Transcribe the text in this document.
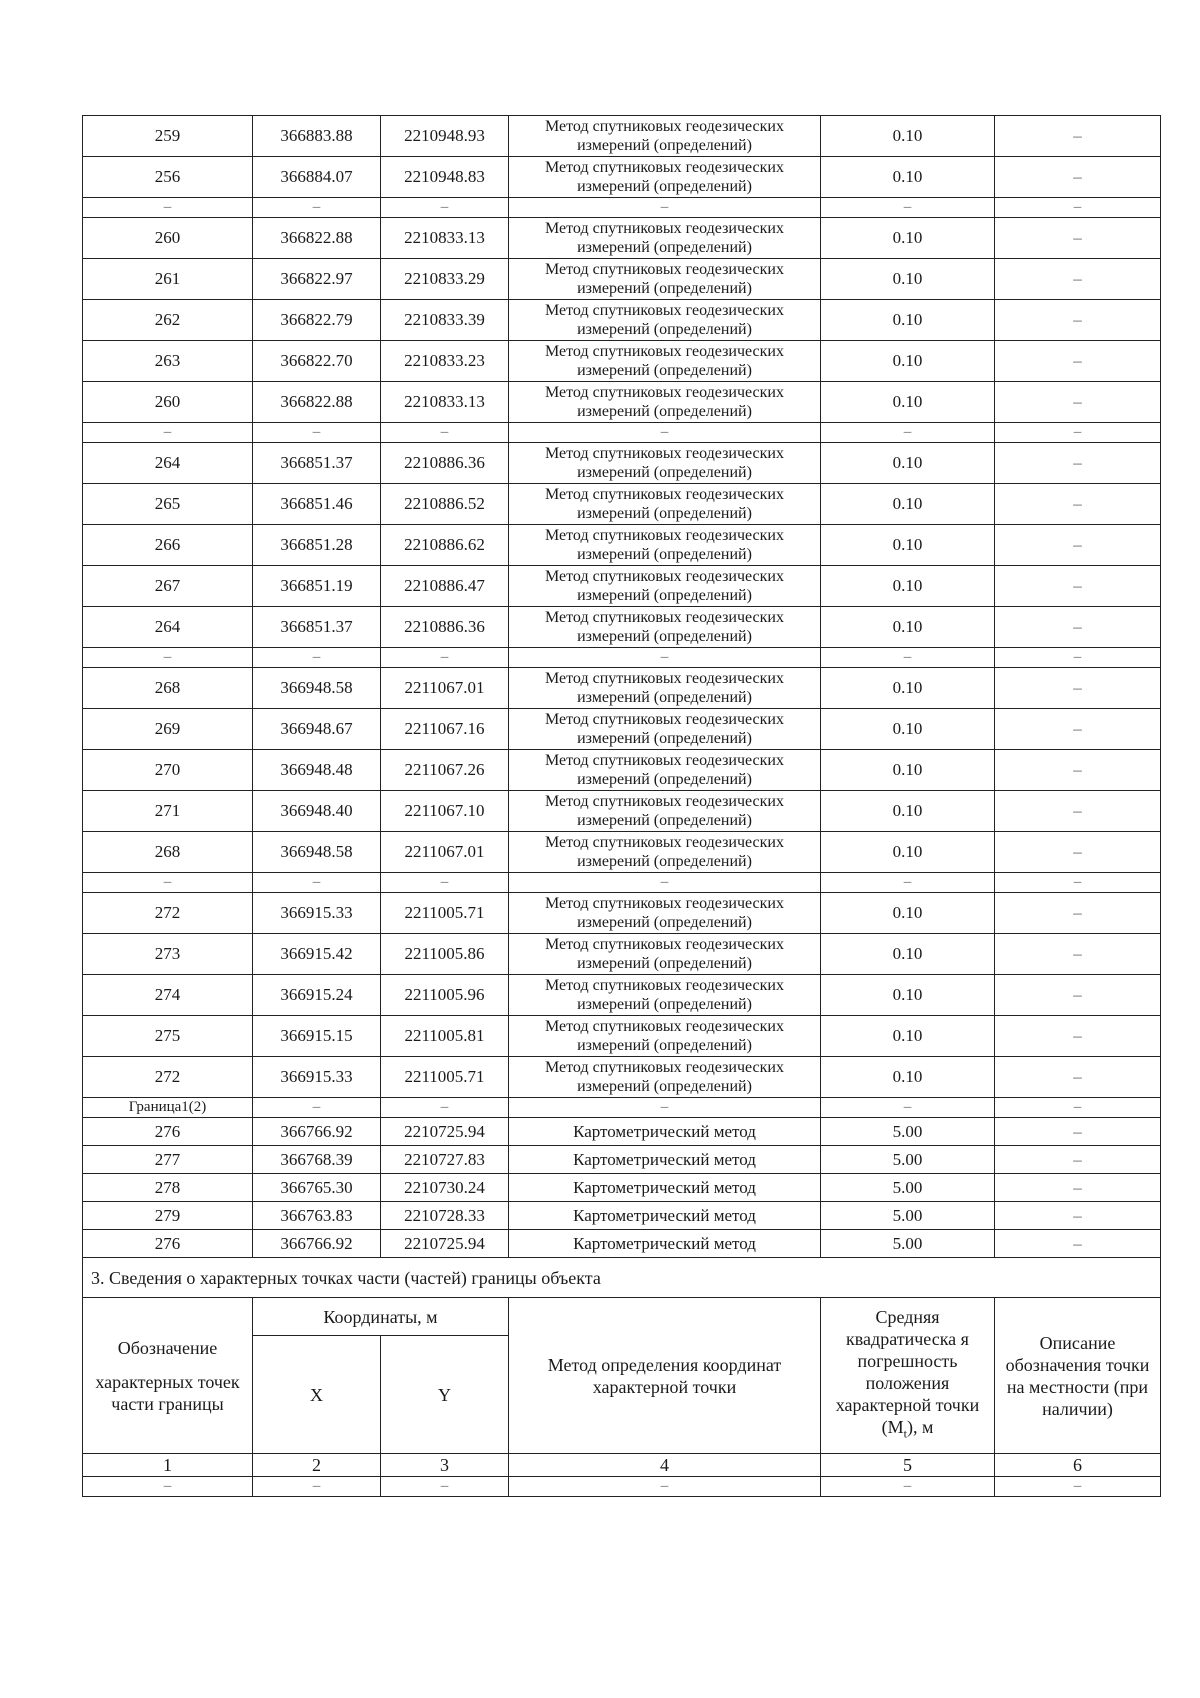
259	366883.88	2210948.93	Метод спутниковых геодезических измерений (определений)	0.10	–
256	366884.07	2210948.83	Метод спутниковых геодезических измерений (определений)	0.10	–
–	–	–	–	–	–
260	366822.88	2210833.13	Метод спутниковых геодезических измерений (определений)	0.10	–
261	366822.97	2210833.29	Метод спутниковых геодезических измерений (определений)	0.10	–
262	366822.79	2210833.39	Метод спутниковых геодезических измерений (определений)	0.10	–
263	366822.70	2210833.23	Метод спутниковых геодезических измерений (определений)	0.10	–
260	366822.88	2210833.13	Метод спутниковых геодезических измерений (определений)	0.10	–
–	–	–	–	–	–
264	366851.37	2210886.36	Метод спутниковых геодезических измерений (определений)	0.10	–
265	366851.46	2210886.52	Метод спутниковых геодезических измерений (определений)	0.10	–
266	366851.28	2210886.62	Метод спутниковых геодезических измерений (определений)	0.10	–
267	366851.19	2210886.47	Метод спутниковых геодезических измерений (определений)	0.10	–
264	366851.37	2210886.36	Метод спутниковых геодезических измерений (определений)	0.10	–
–	–	–	–	–	–
268	366948.58	2211067.01	Метод спутниковых геодезических измерений (определений)	0.10	–
269	366948.67	2211067.16	Метод спутниковых геодезических измерений (определений)	0.10	–
270	366948.48	2211067.26	Метод спутниковых геодезических измерений (определений)	0.10	–
271	366948.40	2211067.10	Метод спутниковых геодезических измерений (определений)	0.10	–
268	366948.58	2211067.01	Метод спутниковых геодезических измерений (определений)	0.10	–
–	–	–	–	–	–
272	366915.33	2211005.71	Метод спутниковых геодезических измерений (определений)	0.10	–
273	366915.42	2211005.86	Метод спутниковых геодезических измерений (определений)	0.10	–
274	366915.24	2211005.96	Метод спутниковых геодезических измерений (определений)	0.10	–
275	366915.15	2211005.81	Метод спутниковых геодезических измерений (определений)	0.10	–
272	366915.33	2211005.71	Метод спутниковых геодезических измерений (определений)	0.10	–
Граница1(2)	–	–	–	–	–
276	366766.92	2210725.94	Картометрический метод	5.00	–
277	366768.39	2210727.83	Картометрический метод	5.00	–
278	366765.30	2210730.24	Картометрический метод	5.00	–
279	366763.83	2210728.33	Картометрический метод	5.00	–
276	366766.92	2210725.94	Картометрический метод	5.00	–
3. Сведения о характерных точках части (частей) границы объекта					

Обозначение
характерных точек части границы	Координаты, м		Метод определения координат характерной точки	Средняя квадратическа я погрешность положения характерной точки $(M_t)$, м	Описание обозначения точки на местности (при наличии)
	X	Y			
1	2	3	4	5	6
–	–	–	–	–	–
